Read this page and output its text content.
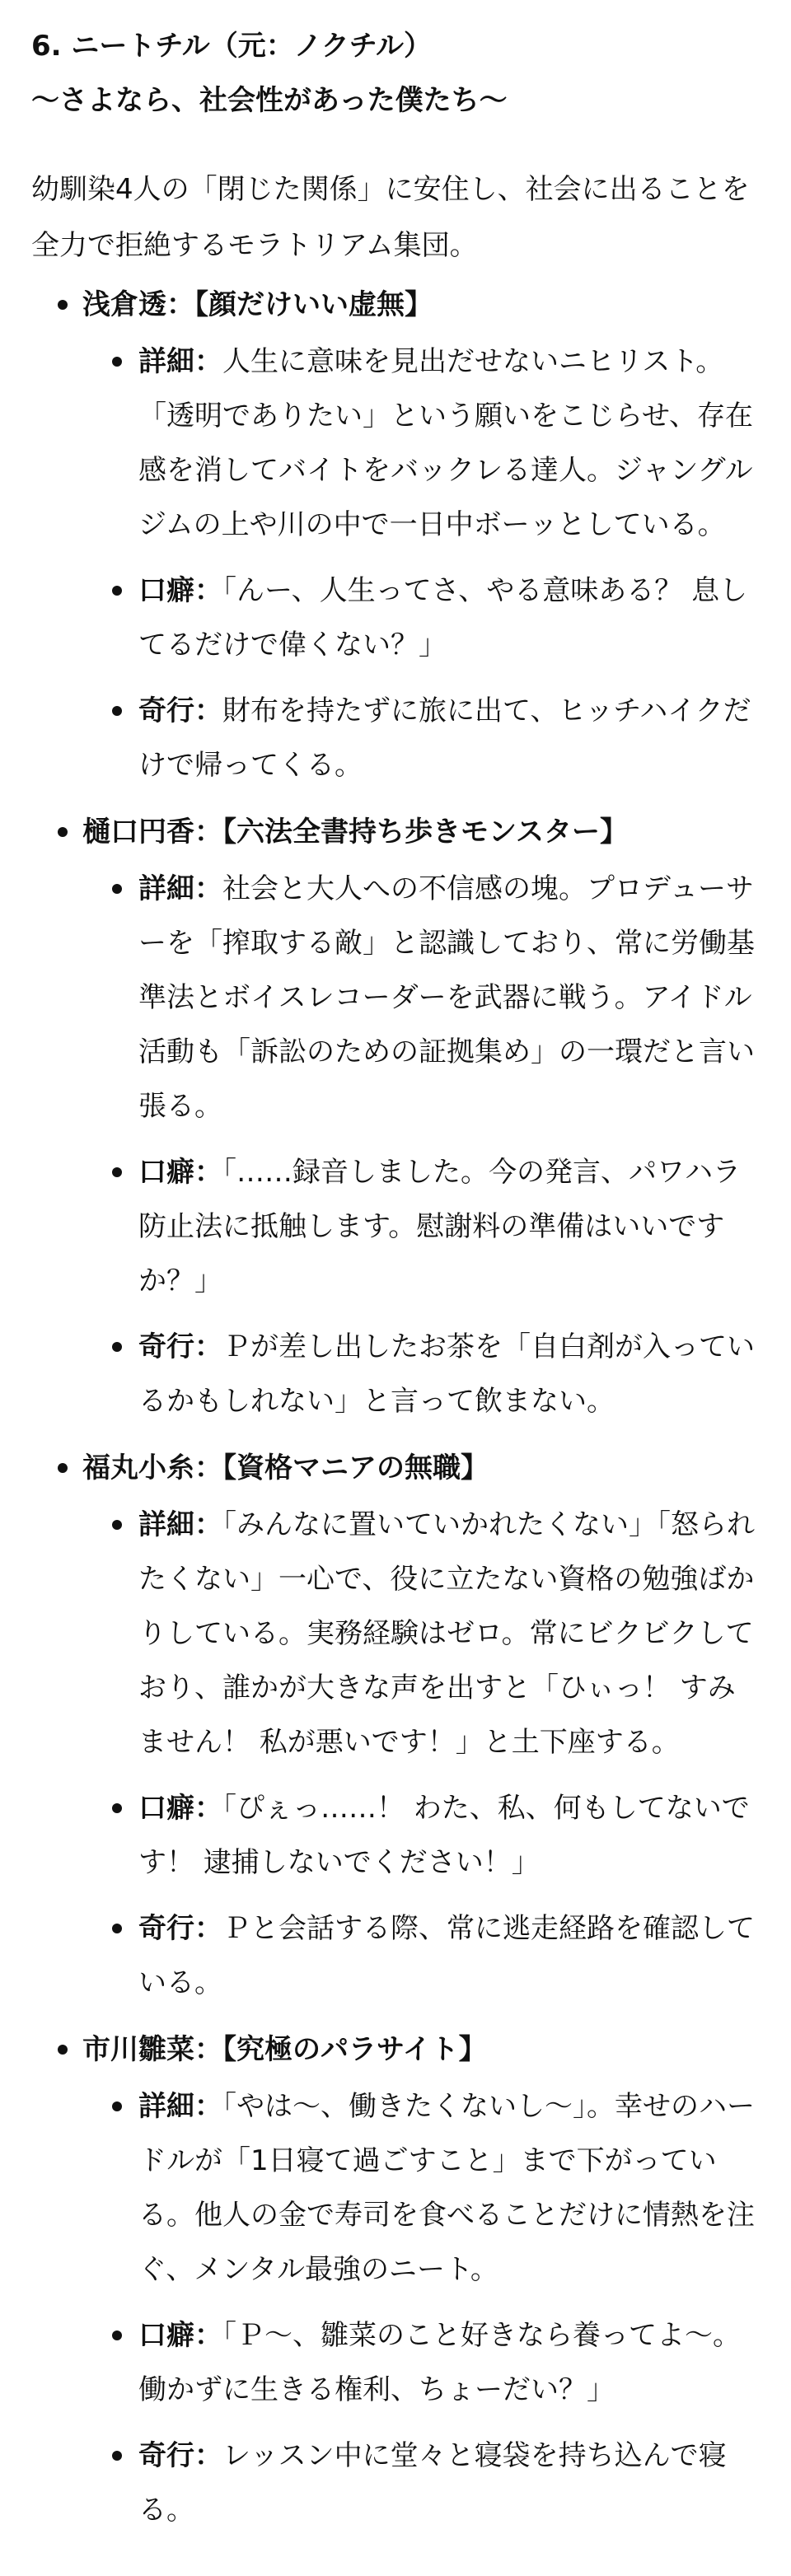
6. ニートチル（元：ノクチル）
〜さよなら、社会性があった僕たち〜

幼馴染4人の「閉じた関係」に安住し、社会に出ることを全力で拒絶するモラトリアム集団。

浅倉透：【顔だけいい虚無】
詳細：人生に意味を見出だせないニヒリスト。「透明でありたい」という願いをこじらせ、存在感を消してバイトをバックレる達人。ジャングルジムの上や川の中で一日中ボーッとしている。
口癖：「んー、人生ってさ、やる意味ある？ 息してるだけで偉くない？」
奇行：財布を持たずに旅に出て、ヒッチハイクだけで帰ってくる。
樋口円香：【六法全書持ち歩きモンスター】
詳細：社会と大人への不信感の塊。プロデューサーを「搾取する敵」と認識しており、常に労働基準法とボイスレコーダーを武器に戦う。アイドル活動も「訴訟のための証拠集め」の一環だと言い張る。
口癖：「……録音しました。今の発言、パワハラ防止法に抵触します。慰謝料の準備はいいですか？」
奇行：Ｐが差し出したお茶を「自白剤が入っているかもしれない」と言って飲まない。
福丸小糸：【資格マニアの無職】
詳細：「みんなに置いていかれたくない」「怒られたくない」一心で、役に立たない資格の勉強ばかりしている。実務経験はゼロ。常にビクビクしており、誰かが大きな声を出すと「ひぃっ！ すみません！ 私が悪いです！」と土下座する。
口癖：「ぴぇっ……！ わた、私、何もしてないです！ 逮捕しないでください！」
奇行：Ｐと会話する際、常に逃走経路を確認している。
市川雛菜：【究極のパラサイト】
詳細：「やは〜、働きたくないし〜」。幸せのハードルが「1日寝て過ごすこと」まで下がっている。他人の金で寿司を食べることだけに情熱を注ぐ、メンタル最強のニート。
口癖：「Ｐ〜、雛菜のこと好きなら養ってよ〜。働かずに生きる権利、ちょーだい？」
奇行：レッスン中に堂々と寝袋を持ち込んで寝る。
